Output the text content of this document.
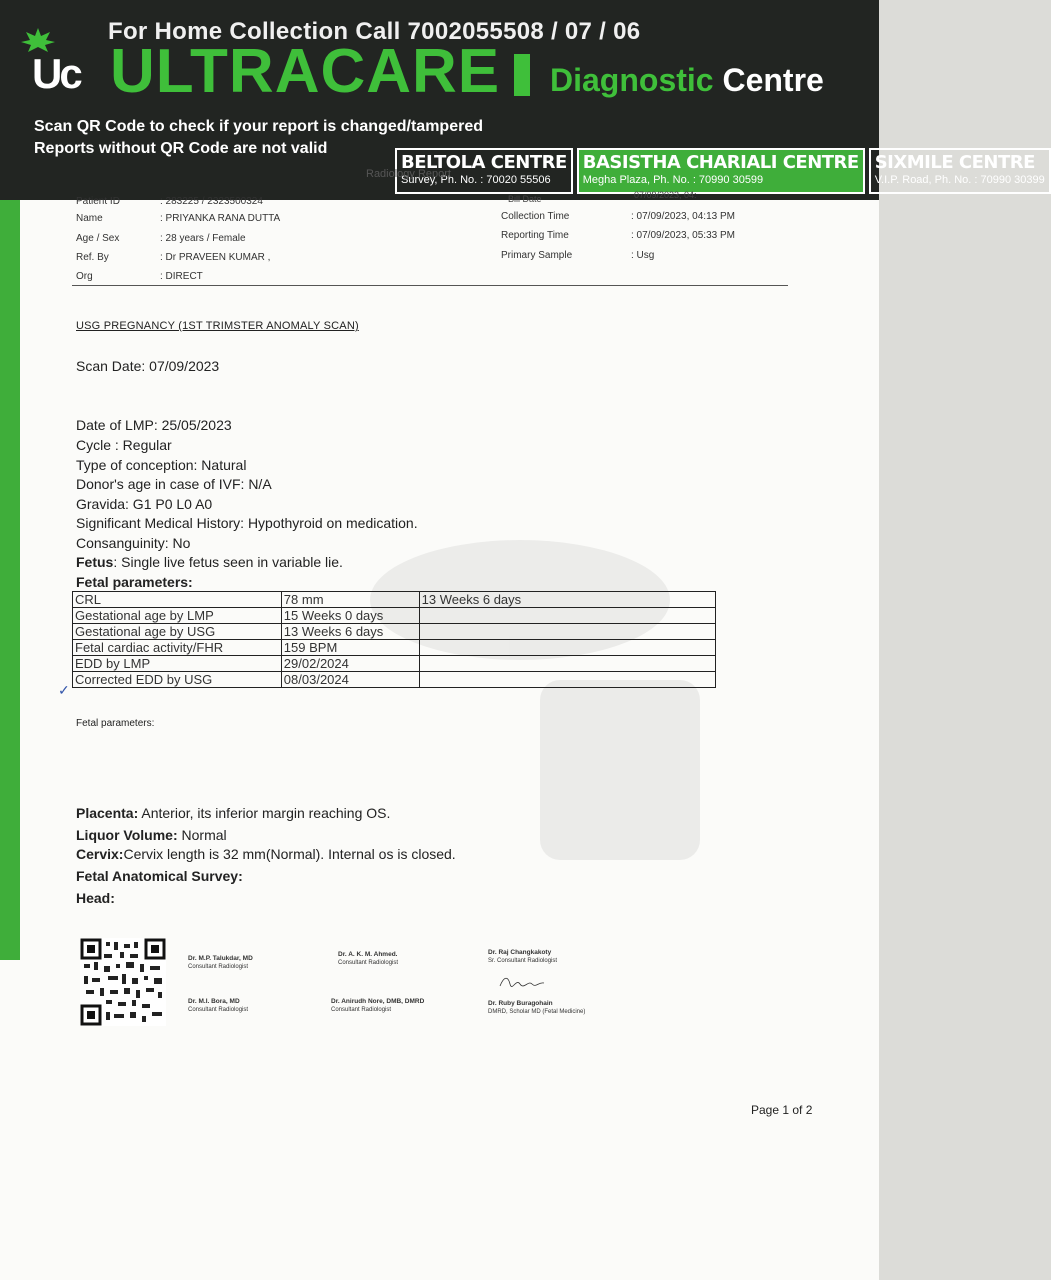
For Home Collection Call 7002055508 / 07 / 06
Uc ULTRACARE Diagnostic Centre
Scan QR Code to check if your report is changed/tampered
Reports without QR Code are not valid
BELTOLA CENTRE
Survey, Ph. No. : 70020 55506
BASISTHA CHARIALI CENTRE
Megha Plaza, Ph. No. : 70990 30599
SIXMILE CENTRE
V.I.P. Road, Ph. No. : 70990 30399
Radiology Report
Bill Date	07/09/2023, 04:
Patient ID	: 283225 / 2323500324
Name	: PRIYANKA RANA DUTTA
Age / Sex	: 28 years / Female
Ref. By	: Dr PRAVEEN KUMAR ,
Org	: DIRECT
Collection Time	: 07/09/2023, 04:13 PM
Reporting Time	: 07/09/2023, 05:33 PM
Primary Sample	: Usg
USG PREGNANCY (1ST TRIMSTER ANOMALY SCAN)
Scan Date: 07/09/2023
Date of LMP: 25/05/2023
Cycle : Regular
Type of conception: Natural
Donor's age in case of IVF: N/A
Gravida: G1 P0 L0 A0
Significant Medical History: Hypothyroid on medication.
Consanguinity: No
Fetus: Single live fetus seen in variable lie.
Fetal parameters:
CRL	78 mm	13 Weeks 6 days
Gestational age by LMP	15 Weeks 0 days	
Gestational age by USG	13 Weeks 6 days	
Fetal cardiac activity/FHR	159 BPM	
EDD by LMP	29/02/2024	
Corrected EDD by USG	08/03/2024	
✓
Fetal parameters:
Placenta: Anterior, its inferior margin reaching OS.
Liquor Volume: Normal
Cervix:Cervix length is 32 mm(Normal). Internal os is closed.
Fetal Anatomical Survey:
Head:
Dr. M.P. Talukdar, MD
Consultant Radiologist
Dr. A. K. M. Ahmed.
Consultant Radiologist
Dr. Raj Changkakoty
Sr. Consultant Radiologist
Dr. M.I. Bora, MD
Consultant Radiologist
Dr. Anirudh Nore, DMB, DMRD
Consultant Radiologist
Dr. Ruby Buragohain
DMRD, Scholar MD (Fetal Medicine)
Page 1 of 2
